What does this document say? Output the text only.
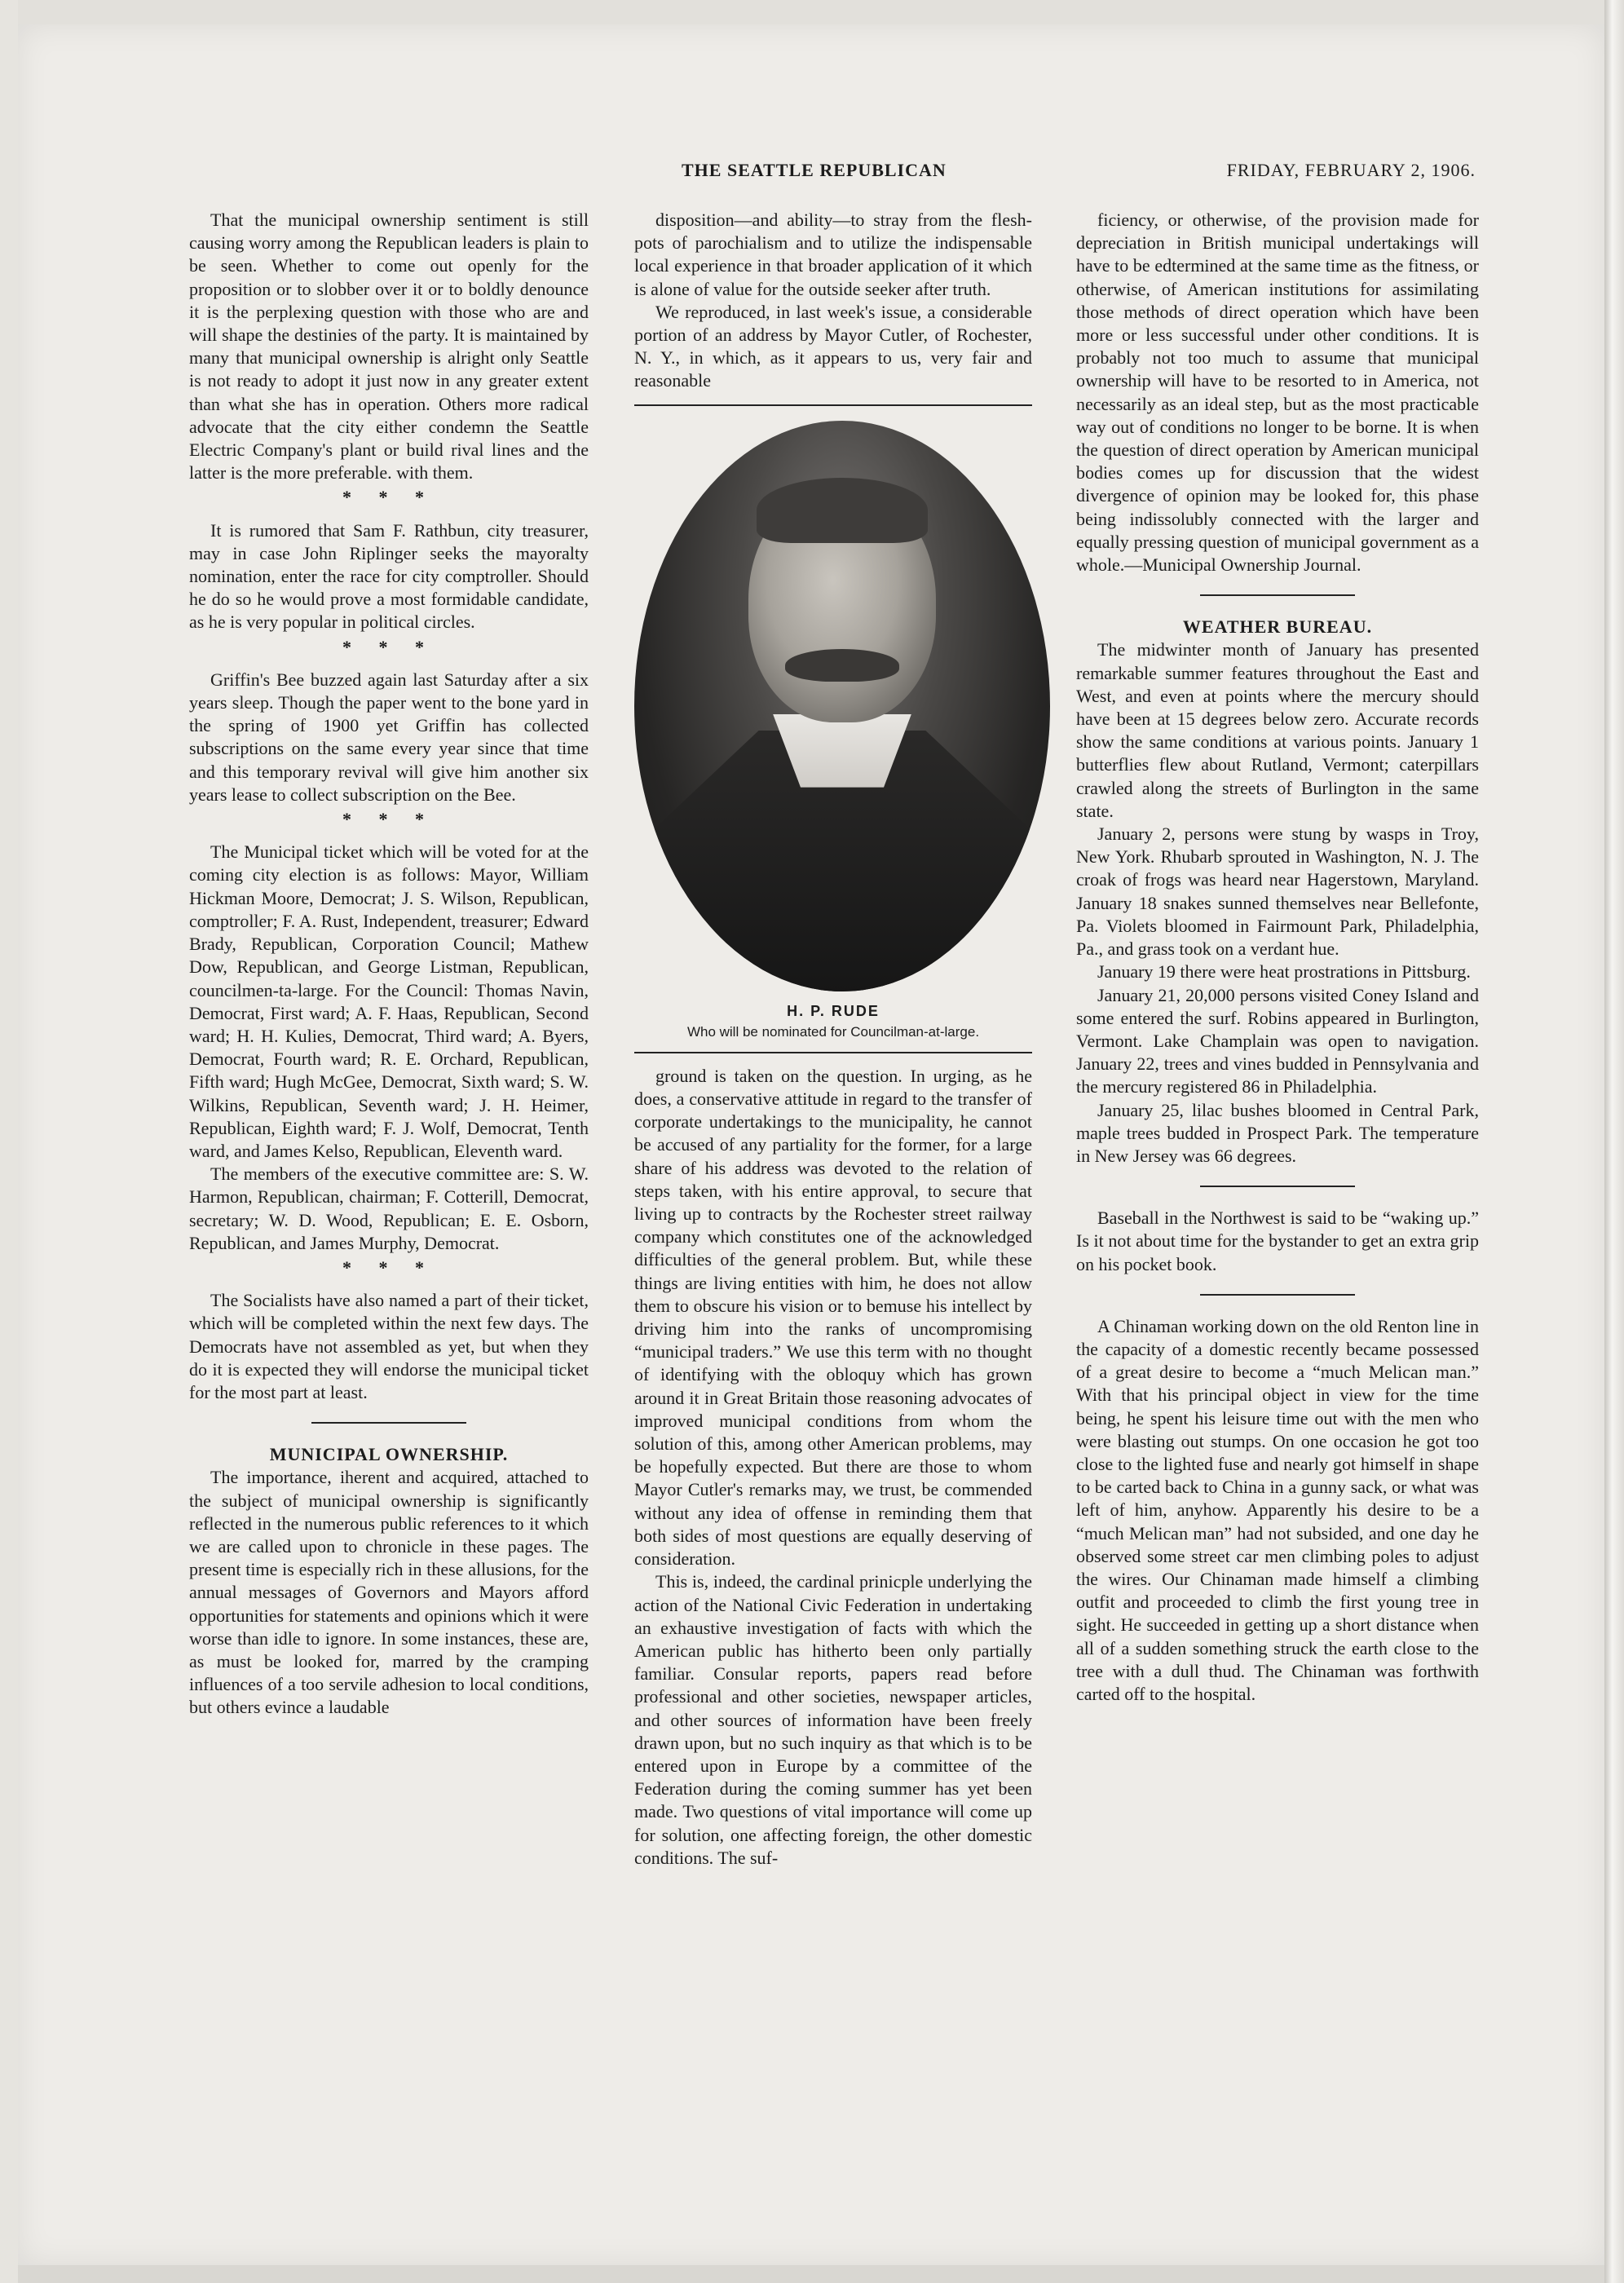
THE SEATTLE REPUBLICAN	FRIDAY, FEBRUARY 2, 1906.

That the municipal ownership sentiment is still causing worry among the Republican leaders is plain to be seen. Whether to come out openly for the proposition or to slobber over it or to boldly denounce it is the perplexing question with those who are and will shape the destinies of the party. It is maintained by many that municipal ownership is alright only Seattle is not ready to adopt it just now in any greater extent than what she has in operation. Others more radical advocate that the city either condemn the Seattle Electric Company's plant or build rival lines and the latter is the more preferable. with them.

* * *

It is rumored that Sam F. Rathbun, city treasurer, may in case John Riplinger seeks the mayoralty nomination, enter the race for city comptroller. Should he do so he would prove a most formidable candidate, as he is very popular in political circles.

* * *

Griffin's Bee buzzed again last Saturday after a six years sleep. Though the paper went to the bone yard in the spring of 1900 yet Griffin has collected subscriptions on the same every year since that time and this temporary revival will give him another six years lease to collect subscription on the Bee.

* * *

The Municipal ticket which will be voted for at the coming city election is as follows: Mayor, William Hickman Moore, Democrat; J. S. Wilson, Republican, comptroller; F. A. Rust, Independent, treasurer; Edward Brady, Republican, Corporation Council; Mathew Dow, Republican, and George Listman, Republican, councilmen-ta-large. For the Council: Thomas Navin, Democrat, First ward; A. F. Haas, Republican, Second ward; H. H. Kulies, Democrat, Third ward; A. Byers, Democrat, Fourth ward; R. E. Orchard, Republican, Fifth ward; Hugh McGee, Democrat, Sixth ward; S. W. Wilkins, Republican, Seventh ward; J. H. Heimer, Republican, Eighth ward; F. J. Wolf, Democrat, Tenth ward, and James Kelso, Republican, Eleventh ward.

The members of the executive committee are: S. W. Harmon, Republican, chairman; F. Cotterill, Democrat, secretary; W. D. Wood, Republican; E. E. Osborn, Republican, and James Murphy, Democrat.

* * *

The Socialists have also named a part of their ticket, which will be completed within the next few days. The Democrats have not assembled as yet, but when they do it is expected they will endorse the municipal ticket for the most part at least.

MUNICIPAL OWNERSHIP.

The importance, iherent and acquired, attached to the subject of municipal ownership is significantly reflected in the numerous public references to it which we are called upon to chronicle in these pages. The present time is especially rich in these allusions, for the annual messages of Governors and Mayors afford opportunities for statements and opinions which it were worse than idle to ignore. In some instances, these are, as must be looked for, marred by the cramping influences of a too servile adhesion to local conditions, but others evince a laudable

disposition—and ability—to stray from the flesh-pots of parochialism and to utilize the indispensable local experience in that broader application of it which is alone of value for the outside seeker after truth.

We reproduced, in last week's issue, a considerable portion of an address by Mayor Cutler, of Rochester, N. Y., in which, as it appears to us, very fair and reasonable

H. P. RUDE
Who will be nominated for Councilman-at-large.

ground is taken on the question. In urging, as he does, a conservative attitude in regard to the transfer of corporate undertakings to the municipality, he cannot be accused of any partiality for the former, for a large share of his address was devoted to the relation of steps taken, with his entire approval, to secure that living up to contracts by the Rochester street railway company which constitutes one of the acknowledged difficulties of the general problem. But, while these things are living entities with him, he does not allow them to obscure his vision or to bemuse his intellect by driving him into the ranks of uncompromising “municipal traders.” We use this term with no thought of identifying with the obloquy which has grown around it in Great Britain those reasoning advocates of improved municipal conditions from whom the solution of this, among other American problems, may be hopefully expected. But there are those to whom Mayor Cutler's remarks may, we trust, be commended without any idea of offense in reminding them that both sides of most questions are equally deserving of consideration.

This is, indeed, the cardinal prinicple underlying the action of the National Civic Federation in undertaking an exhaustive investigation of facts with which the American public has hitherto been only partially familiar. Consular reports, papers read before professional and other societies, newspaper articles, and other sources of information have been freely drawn upon, but no such inquiry as that which is to be entered upon in Europe by a committee of the Federation during the coming summer has yet been made. Two questions of vital importance will come up for solution, one affecting foreign, the other domestic conditions. The suf-

ficiency, or otherwise, of the provision made for depreciation in British municipal undertakings will have to be edtermined at the same time as the fitness, or otherwise, of American institutions for assimilating those methods of direct operation which have been more or less successful under other conditions. It is probably not too much to assume that municipal ownership will have to be resorted to in America, not necessarily as an ideal step, but as the most practicable way out of conditions no longer to be borne. It is when the question of direct operation by American municipal bodies comes up for discussion that the widest divergence of opinion may be looked for, this phase being indissolubly connected with the larger and equally pressing question of municipal government as a whole.—Municipal Ownership Journal.

WEATHER BUREAU.

The midwinter month of January has presented remarkable summer features throughout the East and West, and even at points where the mercury should have been at 15 degrees below zero. Accurate records show the same conditions at various points. January 1 butterflies flew about Rutland, Vermont; caterpillars crawled along the streets of Burlington in the same state.

January 2, persons were stung by wasps in Troy, New York. Rhubarb sprouted in Washington, N. J. The croak of frogs was heard near Hagerstown, Maryland. January 18 snakes sunned themselves near Bellefonte, Pa. Violets bloomed in Fairmount Park, Philadelphia, Pa., and grass took on a verdant hue.

January 19 there were heat prostrations in Pittsburg.

January 21, 20,000 persons visited Coney Island and some entered the surf. Robins appeared in Burlington, Vermont. Lake Champlain was open to navigation. January 22, trees and vines budded in Pennsylvania and the mercury registered 86 in Philadelphia.

January 25, lilac bushes bloomed in Central Park, maple trees budded in Prospect Park. The temperature in New Jersey was 66 degrees.

Baseball in the Northwest is said to be “waking up.” Is it not about time for the bystander to get an extra grip on his pocket book.

A Chinaman working down on the old Renton line in the capacity of a domestic recently became possessed of a great desire to become a “much Melican man.” With that his principal object in view for the time being, he spent his leisure time out with the men who were blasting out stumps. On one occasion he got too close to the lighted fuse and nearly got himself in shape to be carted back to China in a gunny sack, or what was left of him, anyhow. Apparently his desire to be a “much Melican man” had not subsided, and one day he observed some street car men climbing poles to adjust the wires. Our Chinaman made himself a climbing outfit and proceeded to climb the first young tree in sight. He succeeded in getting up a short distance when all of a sudden something struck the earth close to the tree with a dull thud. The Chinaman was forthwith carted off to the hospital.
